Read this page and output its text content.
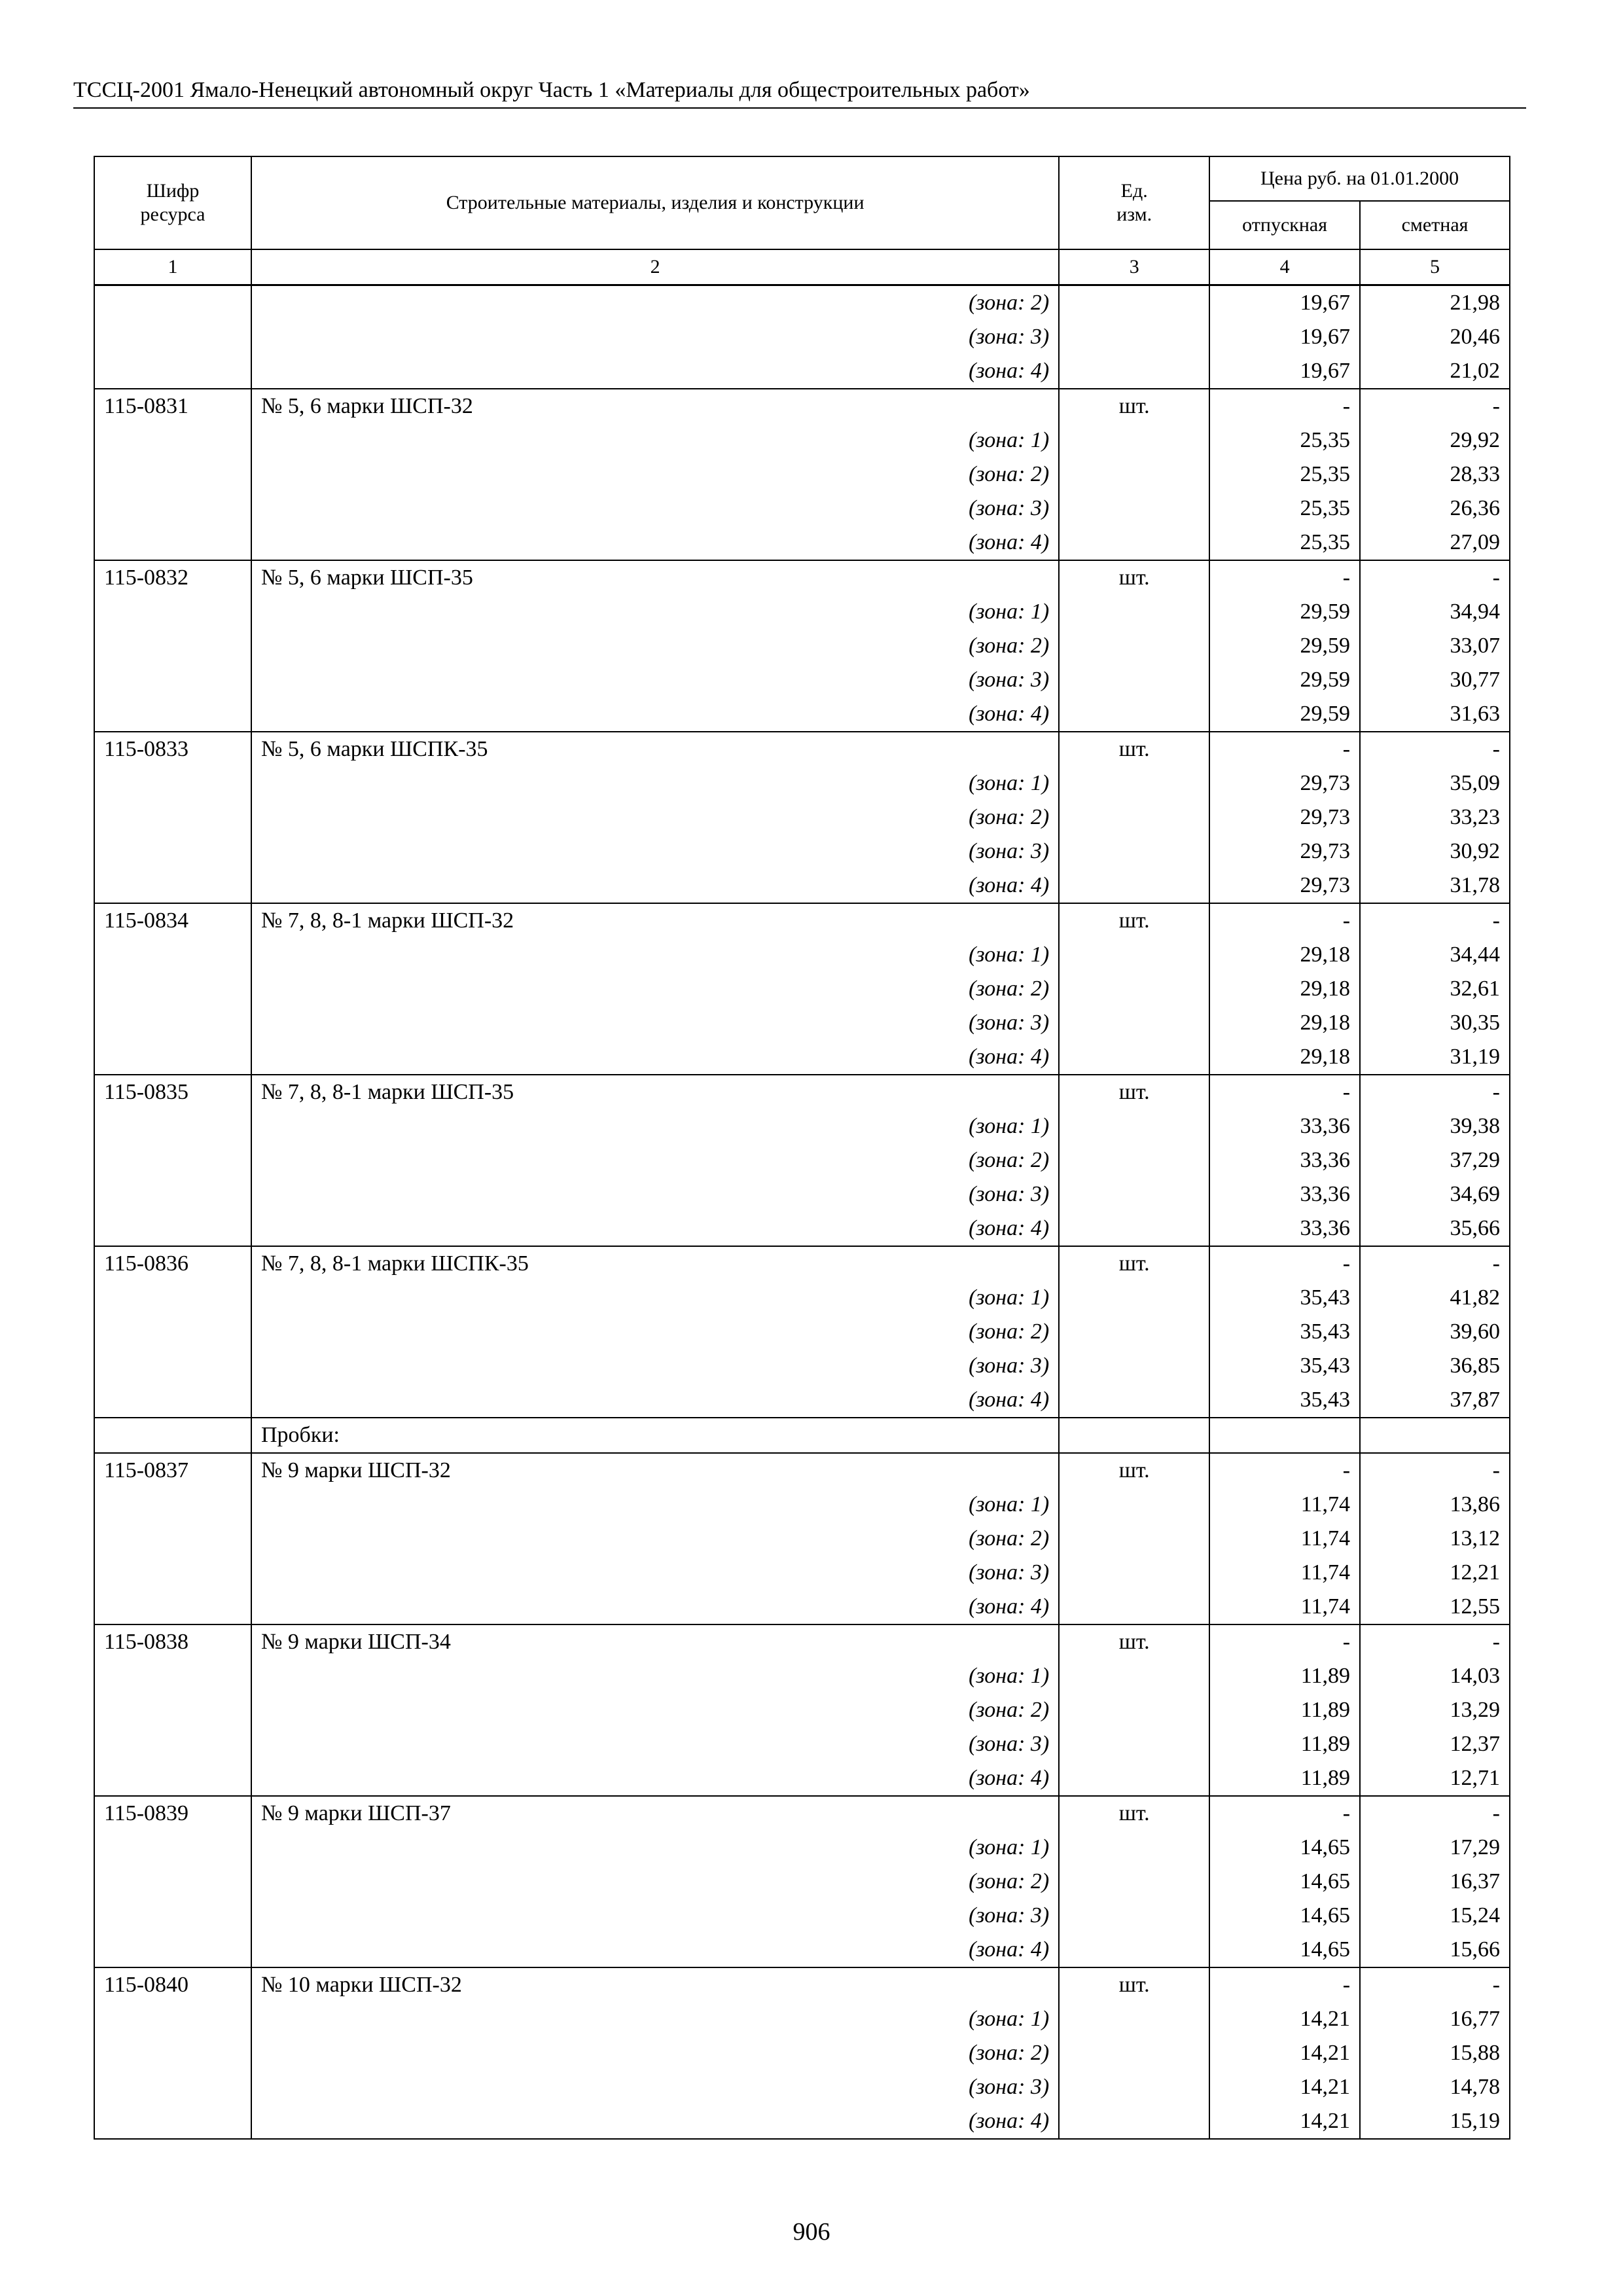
ТССЦ-2001 Ямало-Ненецкий автономный округ Часть 1 «Материалы для общестроительных работ»
Шифр ресурса	Строительные материалы, изделия и конструкции	Ед. изм.	Цена руб. на 01.01.2000	
			отпускная	сметная
1	2	3	4	5
	(зона: 2)		19,67	21,98
	(зона: 3)		19,67	20,46
	(зона: 4)		19,67	21,02
115-0831	№ 5, 6 марки ШСП-32	шт.	-	-
	(зона: 1)		25,35	29,92
	(зона: 2)		25,35	28,33
	(зона: 3)		25,35	26,36
	(зона: 4)		25,35	27,09
115-0832	№ 5, 6 марки ШСП-35	шт.	-	-
	(зона: 1)		29,59	34,94
	(зона: 2)		29,59	33,07
	(зона: 3)		29,59	30,77
	(зона: 4)		29,59	31,63
115-0833	№ 5, 6 марки ШСПК-35	шт.	-	-
	(зона: 1)		29,73	35,09
	(зона: 2)		29,73	33,23
	(зона: 3)		29,73	30,92
	(зона: 4)		29,73	31,78
115-0834	№ 7, 8, 8-1 марки ШСП-32	шт.	-	-
	(зона: 1)		29,18	34,44
	(зона: 2)		29,18	32,61
	(зона: 3)		29,18	30,35
	(зона: 4)		29,18	31,19
115-0835	№ 7, 8, 8-1 марки ШСП-35	шт.	-	-
	(зона: 1)		33,36	39,38
	(зона: 2)		33,36	37,29
	(зона: 3)		33,36	34,69
	(зона: 4)		33,36	35,66
115-0836	№ 7, 8, 8-1 марки ШСПК-35	шт.	-	-
	(зона: 1)		35,43	41,82
	(зона: 2)		35,43	39,60
	(зона: 3)		35,43	36,85
	(зона: 4)		35,43	37,87
	Пробки:			
115-0837	№ 9 марки ШСП-32	шт.	-	-
	(зона: 1)		11,74	13,86
	(зона: 2)		11,74	13,12
	(зона: 3)		11,74	12,21
	(зона: 4)		11,74	12,55
115-0838	№ 9 марки ШСП-34	шт.	-	-
	(зона: 1)		11,89	14,03
	(зона: 2)		11,89	13,29
	(зона: 3)		11,89	12,37
	(зона: 4)		11,89	12,71
115-0839	№ 9 марки ШСП-37	шт.	-	-
	(зона: 1)		14,65	17,29
	(зона: 2)		14,65	16,37
	(зона: 3)		14,65	15,24
	(зона: 4)		14,65	15,66
115-0840	№ 10 марки ШСП-32	шт.	-	-
	(зона: 1)		14,21	16,77
	(зона: 2)		14,21	15,88
	(зона: 3)		14,21	14,78
	(зона: 4)		14,21	15,19
906
